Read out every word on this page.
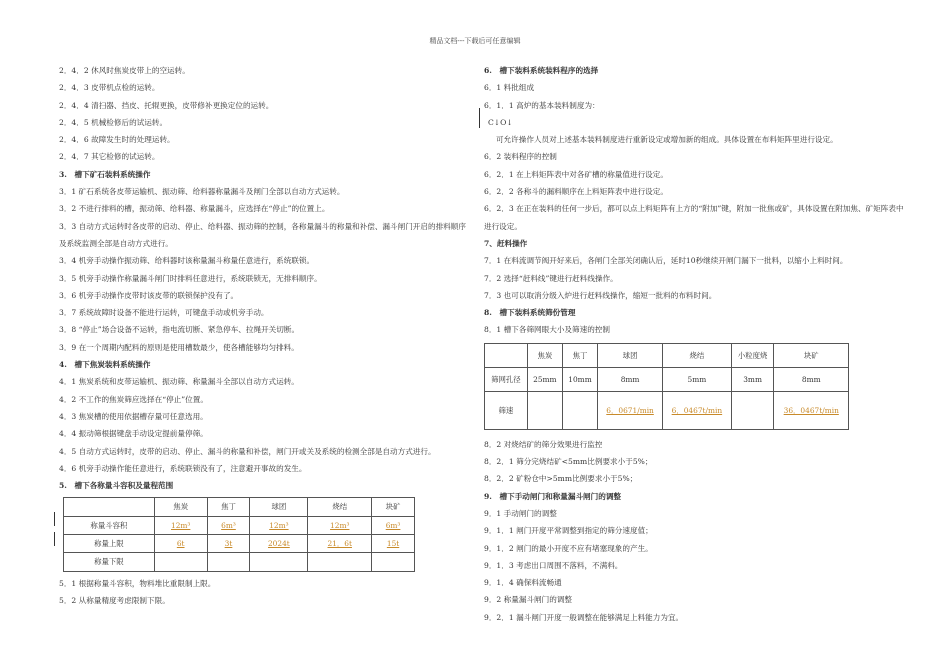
精品文档---下载后可任意编辑
2．4．2 休风时焦炭皮带上的空运转。
2．4．3 皮带机点检的运转。
2．4．4 清扫器、挡皮、托辊更换，皮带修补更换定位的运转。
2．4．5 机械检修后的试运转。
2．4．6 故障发生时的处理运转。
2．4．7 其它检修的试运转。
3.　槽下矿石装料系统操作
3．1 矿石系统各皮带运输机、振动筛、给料器称量漏斗及闸门全部以自动方式运转。
3．2 不进行排料的槽，振动筛、给料器、称量漏斗，应选择在“停止”的位置上。
3．3 自动方式运转时各皮带的启动、停止、给料器、振动筛的控制，各称量漏斗的称量和补偿、漏斗闸门开启的排料顺序及系统监测全部是自动方式进行。
3．4 机旁手动操作振动筛、给料器时该称量漏斗称量任意进行，系统联锁。
3．5 机旁手动操作称量漏斗闸门时排料任意进行，系统联锁无，无排料顺序。
3．6 机旁手动操作皮带时该皮带的联锁保护没有了。
3．7 系统故障时设备不能进行运转，可键盘手动或机旁手动。
3．8 “停止”场合设备不运转，指电流切断、紧急停车、拉绳开关切断。
3．9 在一个周期内配料的原则是使用槽数最少，使各槽能够均匀排料。
4.　槽下焦炭装料系统操作
4．1 焦炭系统和皮带运输机、振动筛、称量漏斗全部以自动方式运转。
4．2 不工作的焦炭筛应选择在“停止”位置。
4．3 焦炭槽的使用依据槽存量可任意选用。
4．4 振动筛根据键盘手动设定提前量停筛。
4．5 自动方式运转时，皮带的启动、停止、漏斗的称量和补偿，闸门开或关及系统的检测全部是自动方式进行。
4．6 机旁手动操作能任意进行，系统联锁没有了，注意避开事故的发生。
5.　槽下各称量斗容积及量程范围
	焦炭	焦丁	球团	烧结	块矿
称量斗容积	12m³	6m³	12m³	12m³	6m³
称量上限	6t	3t	2024t	21．6t	15t
称量下限					
5．1 根据称量斗容积，物料堆比重限制上限。
5．2 从称量精度考虑限制下限。
6.　槽下装料系统装料程序的选择
6．1 料批组成
6．1．1 高炉的基本装料制度为：
C↓O↓
可允许操作人员对上述基本装料制度进行重新设定或增加新的组成。具体设置在布料矩阵里进行设定。
6．2 装料程序的控制
6．2．1 在上料矩阵表中对各矿槽的称量值进行设定。
6．2．2 各称斗的漏料顺序在上料矩阵表中进行设定。
6．2．3 在正在装料的任何一步后，都可以点上料矩阵有上方的“附加”键，附加一批焦或矿，具体设置在附加焦、矿矩阵表中进行设定。
7、赶料操作
7．1 在料流调节阀开好来后，各闸门全部关闭确认后，延时10秒继续开闸门漏下一批料，以缩小上料时间。
7．2 选择“赶料线”键进行赶料线操作。
7．3 也可以取消分级入炉进行赶料线操作，缩短一批料的布料时间。
8.　槽下装料系统筛份管理
8．1 槽下各筛网眼大小及筛速的控制
	焦炭	焦丁	球团	烧结	小粒度烧	块矿
筛网孔径	25mm	10mm	8mm	5mm	3mm	8mm
筛速			6．0671/min	6．0467t/min		36．0467t/min
8．2 对烧结矿的筛分效果进行监控
8．2．1 筛分完烧结矿<5mm比例要求小于5%；
8．2．2 矿粉仓中>5mm比例要求小于5%；
9.　槽下手动闸门和称量漏斗闸门的调整
9．1 手动闸门的调整
9．1．1 闸门开度平常调整到指定的筛分速度值；
9．1．2 闸门的最小开度不应有堵塞现象的产生。
9．1．3 考虑出口周围不落料，不满料。
9．1．4 确保料流畅通
9．2 称量漏斗闸门的调整
9．2．1 漏斗闸门开度一般调整在能够满足上料能力为宜。
